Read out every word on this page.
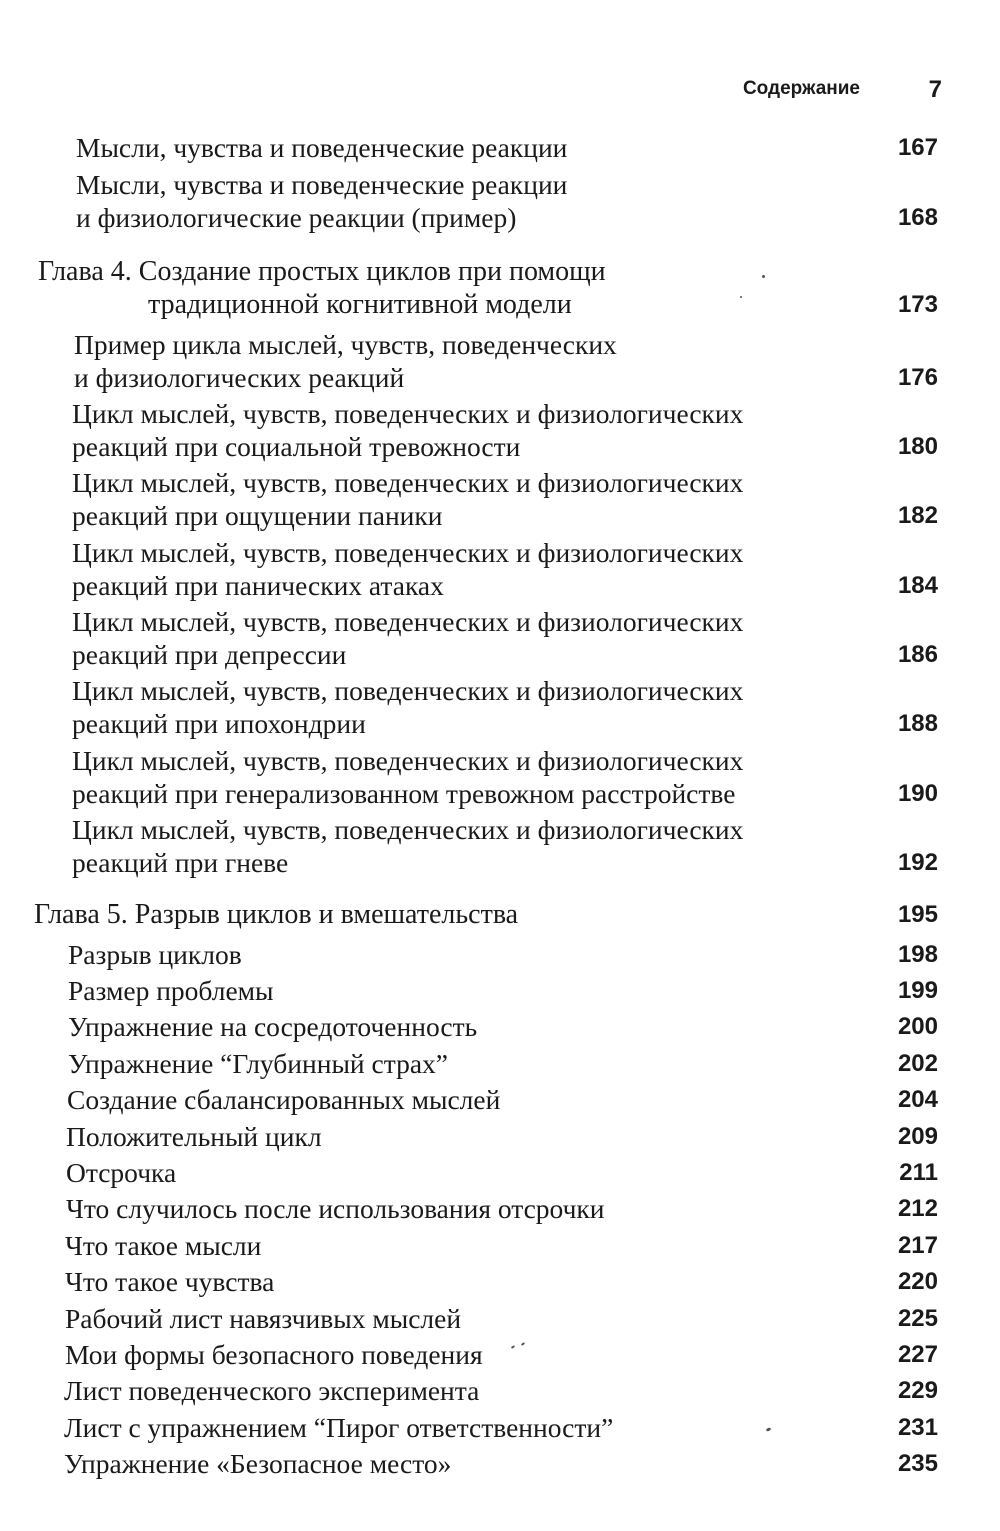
Содержание	7
Мысли, чувства и поведенческие реакции	167
Мысли, чувства и поведенческие реакции
и физиологические реакции (пример)	168
Глава 4. Создание простых циклов при помощи
традиционной когнитивной модели	173
Пример цикла мыслей, чувств, поведенческих
и физиологических реакций	176
Цикл мыслей, чувств, поведенческих и физиологических
реакций при социальной тревожности	180
Цикл мыслей, чувств, поведенческих и физиологических
реакций при ощущении паники	182
Цикл мыслей, чувств, поведенческих и физиологических
реакций при панических атаках	184
Цикл мыслей, чувств, поведенческих и физиологических
реакций при депрессии	186
Цикл мыслей, чувств, поведенческих и физиологических
реакций при ипохондрии	188
Цикл мыслей, чувств, поведенческих и физиологических
реакций при генерализованном тревожном расстройстве	190
Цикл мыслей, чувств, поведенческих и физиологических
реакций при гневе	192
Глава 5. Разрыв циклов и вмешательства	195
Разрыв циклов	198
Размер проблемы	199
Упражнение на сосредоточенность	200
Упражнение “Глубинный страх”	202
Создание сбалансированных мыслей	204
Положительный цикл	209
Отсрочка	211
Что случилось после использования отсрочки	212
Что такое мысли	217
Что такое чувства	220
Рабочий лист навязчивых мыслей	225
Мои формы безопасного поведения	227
Лист поведенческого эксперимента	229
Лист с упражнением “Пирог ответственности”	231
Упражнение «Безопасное место»	235
